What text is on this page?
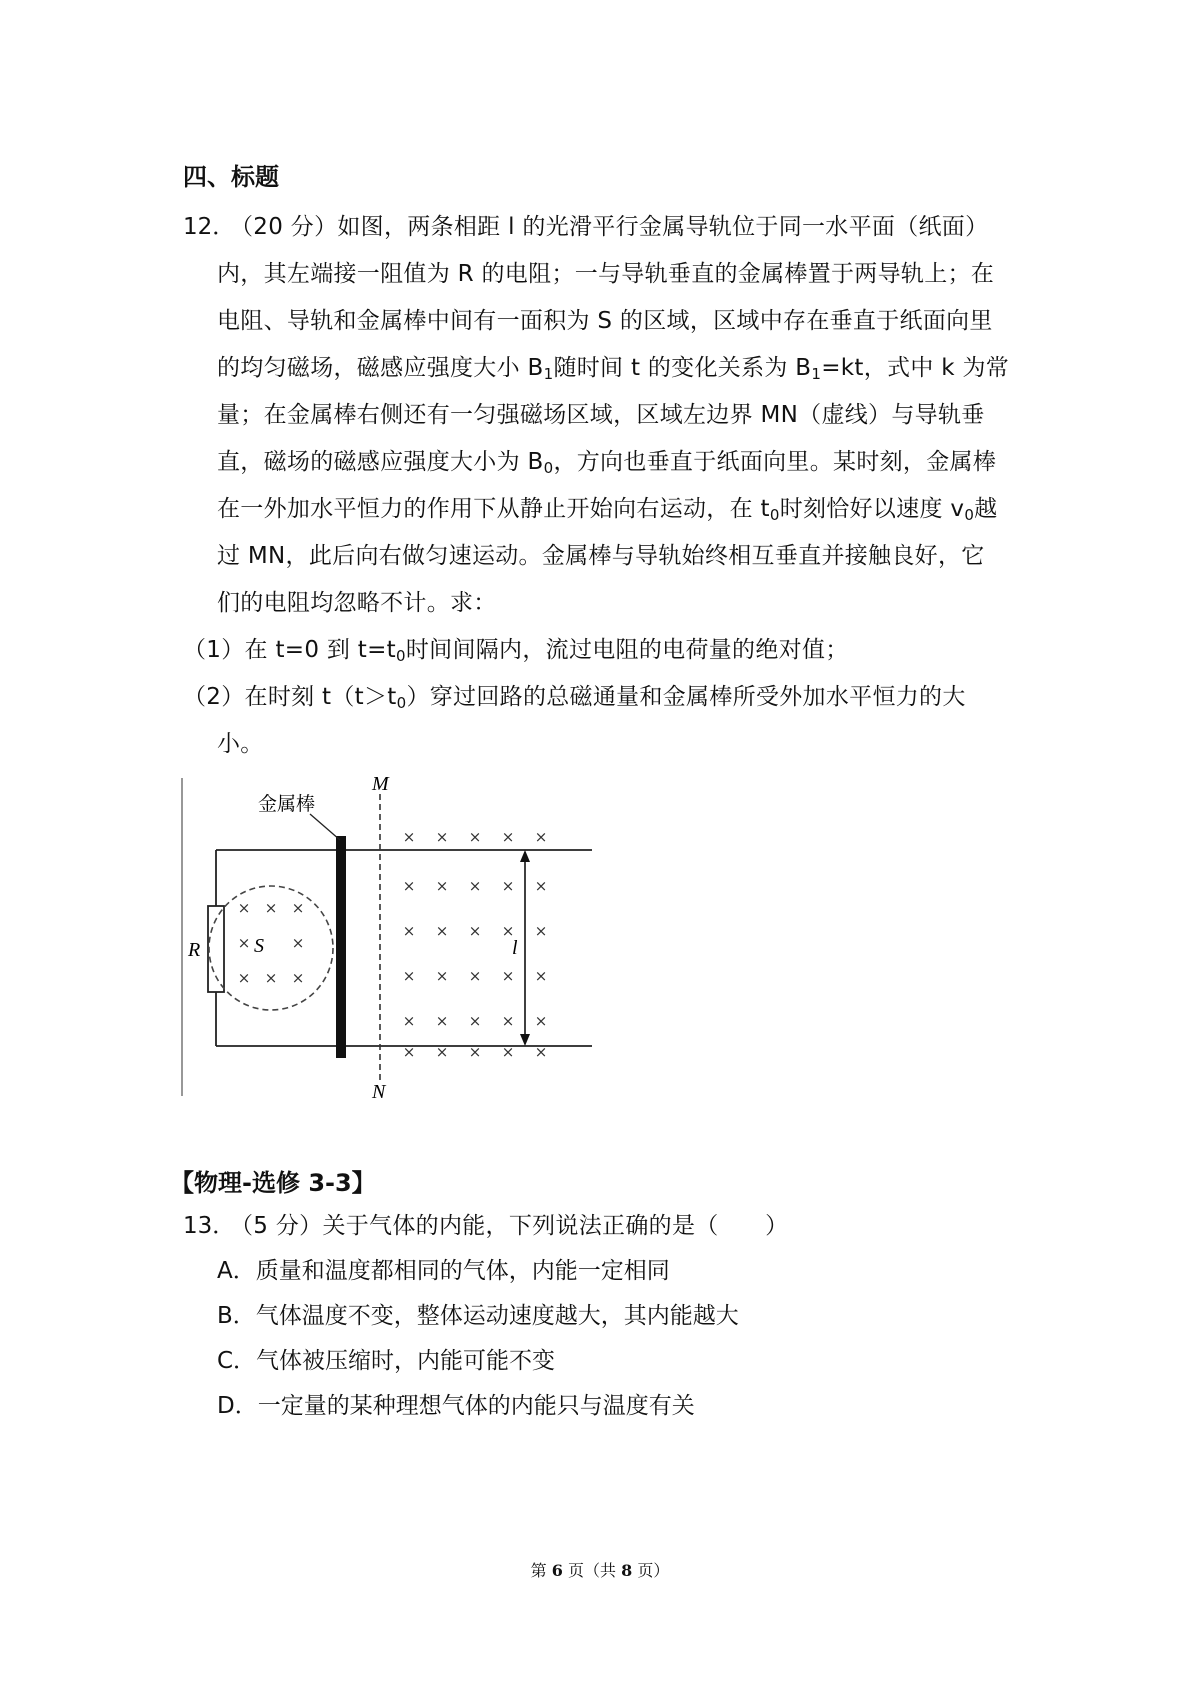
四、标题
12．
（20 分）如图，两条相距 l 的光滑平行金属导轨位于同一水平面（纸面）
内，其左端接一阻值为 R 的电阻；一与导轨垂直的金属棒置于两导轨上；在
电阻、导轨和金属棒中间有一面积为 S 的区域，区域中存在垂直于纸面向里
的均匀磁场，磁感应强度大小 $B_1$随时间 t 的变化关系为 $B_1=kt$，式中 k 为常
量；在金属棒右侧还有一匀强磁场区域，区域左边界 MN（虚线）与导轨垂
直，磁场的磁感应强度大小为 $B_0$，方向也垂直于纸面向里。某时刻，金属棒
在一外加水平恒力的作用下从静止开始向右运动，在 $t_0$时刻恰好以速度 $v_0$越
过 MN，此后向右做匀速运动。金属棒与导轨始终相互垂直并接触良好，它
们的电阻均忽略不计。求：
（1）在 t=0 到 $t=t_0$时间间隔内，流过电阻的电荷量的绝对值；
（2）在时刻 $t(t>t_0)$穿过回路的总磁通量和金属棒所受外加水平恒力的大
小。
R	S
× × ×
×	×
× × ×
金属棒
M
N
× × × × ×
× × × × ×
× × × × ×
× × × × ×
× × × × ×
× × × × ×
l
【物理-选修 3-3】
13．
（5 分）关于气体的内能，下列说法正确的是（　　）
A．质量和温度都相同的气体，内能一定相同
B．气体温度不变，整体运动速度越大，其内能越大
C．气体被压缩时，内能可能不变
D．一定量的某种理想气体的内能只与温度有关
第 6 页（共 8 页）
